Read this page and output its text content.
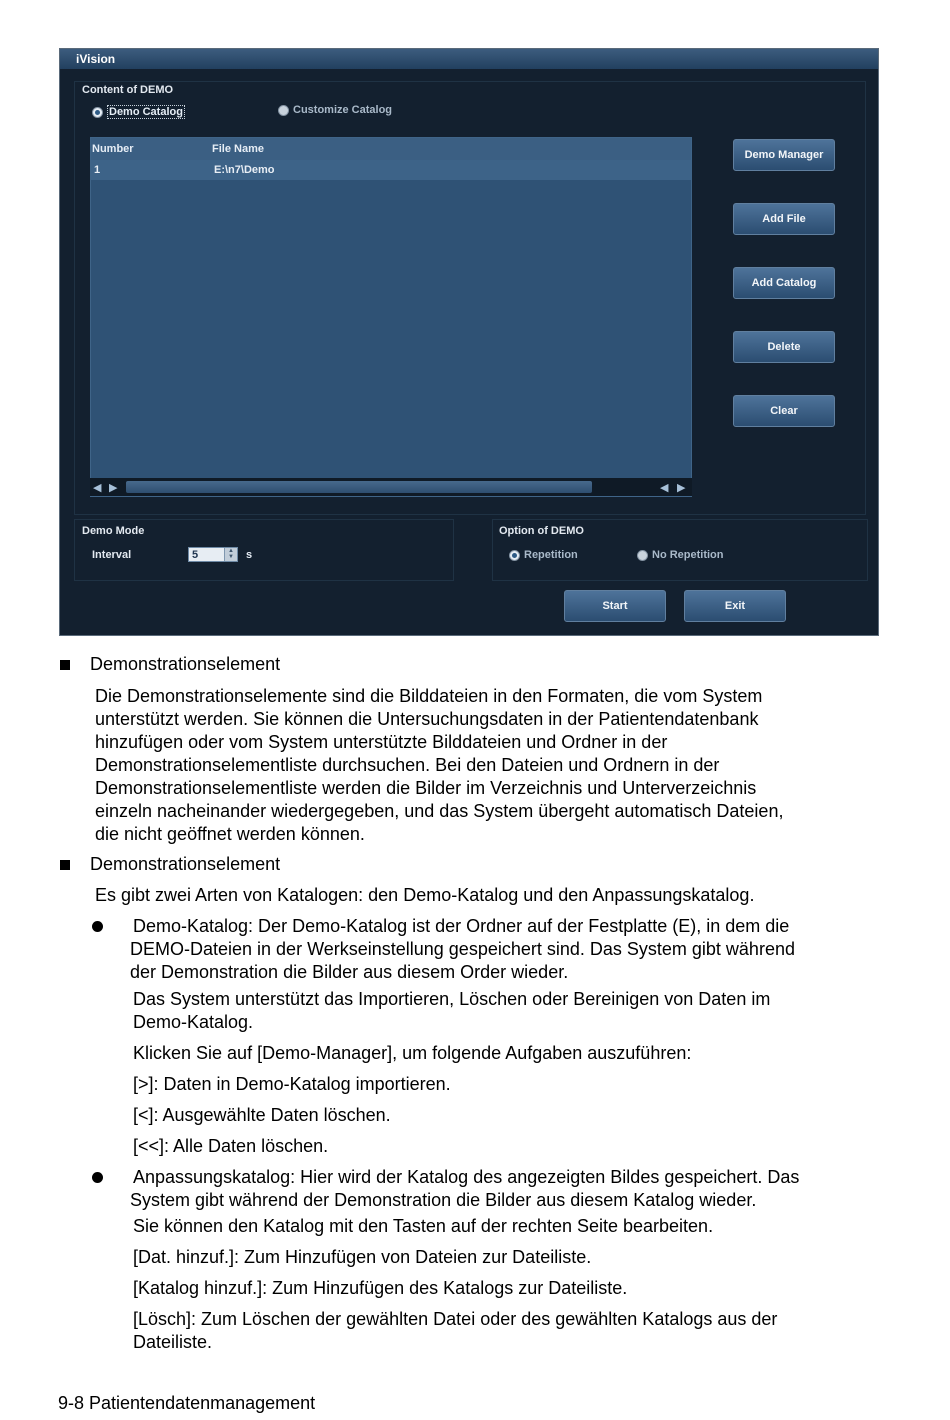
iVision
Content of DEMO
Demo Catalog	Customize Catalog
Number	File Name
1	E:\n7\Demo
◀ ▶	◀ ▶
Demo Manager
Add File
Add Catalog
Delete
Clear
Demo Mode
Interval	5	▲
▼ s
Option of DEMO
Repetition	No Repetition
Start	Exit
Demonstrationselement
Die Demonstrationselemente sind die Bilddateien in den Formaten, die vom System
unterstützt werden. Sie können die Untersuchungsdaten in der Patientendatenbank
hinzufügen oder vom System unterstützte Bilddateien und Ordner in der
Demonstrationselementliste durchsuchen. Bei den Dateien und Ordnern in der
Demonstrationselementliste werden die Bilder im Verzeichnis und Unterverzeichnis
einzeln nacheinander wiedergegeben, und das System übergeht automatisch Dateien,
die nicht geöffnet werden können.
Demonstrationselement
Es gibt zwei Arten von Katalogen: den Demo-Katalog und den Anpassungskatalog.
Demo-Katalog: Der Demo-Katalog ist der Ordner auf der Festplatte (E), in dem die
DEMO-Dateien in der Werkseinstellung gespeichert sind. Das System gibt während
der Demonstration die Bilder aus diesem Order wieder.
Das System unterstützt das Importieren, Löschen oder Bereinigen von Daten im
Demo-Katalog.
Klicken Sie auf [Demo-Manager], um folgende Aufgaben auszuführen:
[>]: Daten in Demo-Katalog importieren.
[<]: Ausgewählte Daten löschen.
[<<]: Alle Daten löschen.
Anpassungskatalog: Hier wird der Katalog des angezeigten Bildes gespeichert. Das
System gibt während der Demonstration die Bilder aus diesem Katalog wieder.
Sie können den Katalog mit den Tasten auf der rechten Seite bearbeiten.
[Dat. hinzuf.]: Zum Hinzufügen von Dateien zur Dateiliste.
[Katalog hinzuf.]: Zum Hinzufügen des Katalogs zur Dateiliste.
[Lösch]: Zum Löschen der gewählten Datei oder des gewählten Katalogs aus der
Dateiliste.
9-8 Patientendatenmanagement
